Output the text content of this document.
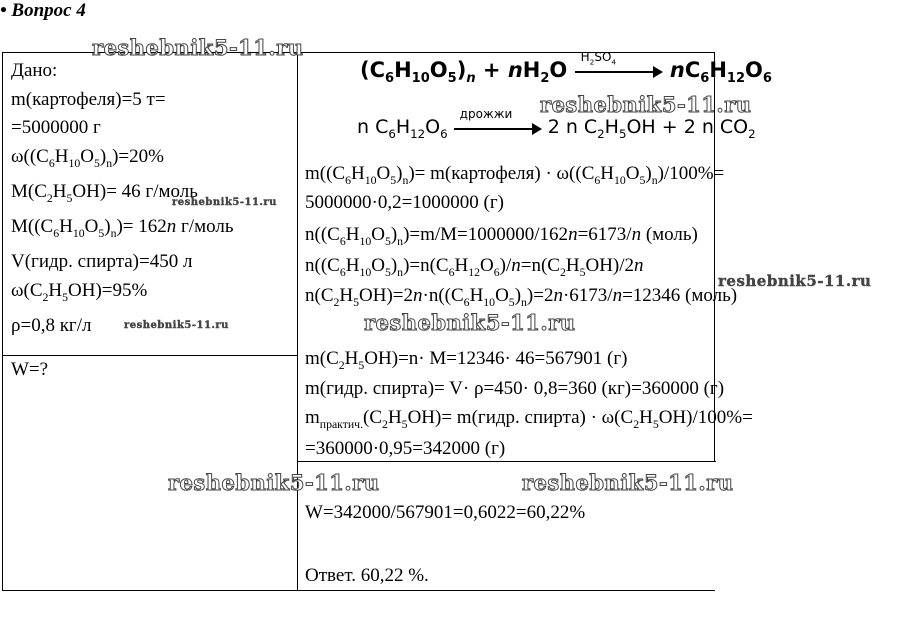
• Вопрос 4
Дано:
m(картофеля)=5 т=
=5000000 г
$\omega((C_6H_{10}O_5)_n)=20\%$
$M(C_2H_5OH)= 46$ г/моль
$M((C_6H_{10}O_5)_n)= 162n$ г/моль
V(гидр. спирта)=450 л
$\omega(C_2H_5OH)=95\%$
ρ=0,8 кг/л
W=?
$(C_6H_{10}O_5)_n + nH_2O$
$H_2SO_4$	$nC_6H_{12}O_6$
n $C_6H_{12}O_6$
дрожжи
2 n $C_2H_5OH + 2$ n $CO_2$
$m((C_6H_{10}O_5)_n)=$ m(картофеля) · $\omega((C_6H_{10}O_5)_n)/100\%=$
5000000·0,2=1000000 (г)
$n((C_6H_{10}O_5)_n)=m/M=1000000/162n=6173/n$ (моль)
$n((C_6H_{10}O_5)_n)=n(C_6H_{12}O_6)/n=n(C_2H_5OH)/2n$
$n(C_2H_5OH)=2n\cdot n((C_6H_{10}O_5)_n)=2n\cdot 6173/n=12346$ (моль)
$m(C_2H_5OH)=n\cdot M=12346\cdot 46=567901$ (г)
m(гидр. спирта)= V· ρ=450· 0,8=360 (кг)=360000 (г)
$m_{практич.}(C_2H_5OH)=$ m(гидр. спирта) · $\omega(C_2H_5OH)/100\%=$
=360000·0,95=342000 (г)
W=342000/567901=0,6022=60,22%
Ответ. 60,22 %.
reshebnik5-11.ru
reshebnik5-11.ru
reshebnik5-11.ru
reshebnik5-11.ru	reshebnik5-11.ru
reshebnik5-11.ru
reshebnik5-11.ru
reshebnik5-11.ru
